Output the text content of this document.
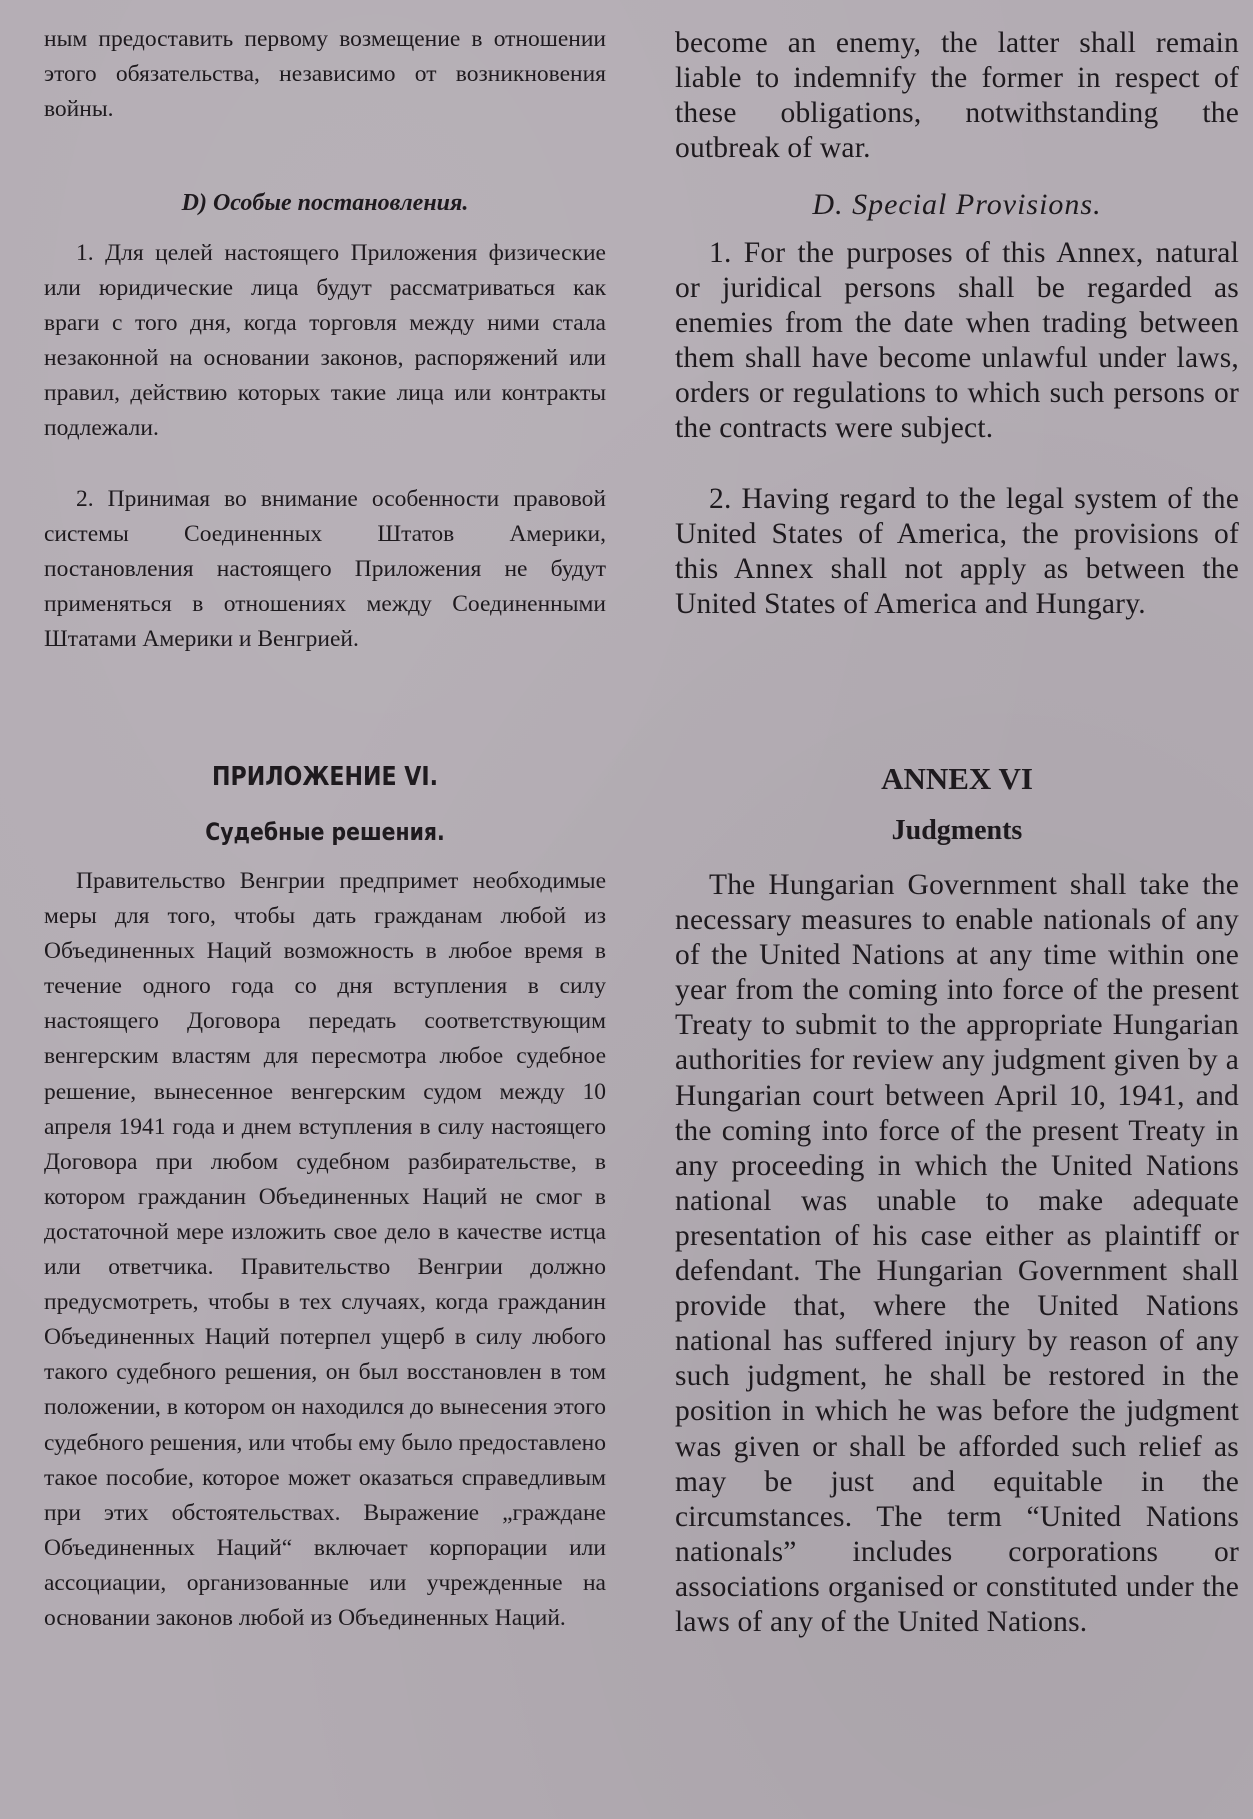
ным предоставить первому возмещение в отношении этого обязательства, независимо от возникновения войны.

D) Особые постановления.

1. Для целей настоящего Приложения физические или юридические лица будут рассматриваться как враги с того дня, когда торговля между ними стала незаконной на основании законов, распоряжений или правил, действию которых такие лица или контракты подлежали.

2. Принимая во внимание особенности правовой системы Соединенных Штатов Америки, постановления настоящего Приложения не будут применяться в отношениях между Соединенными Штатами Америки и Венгрией.

ПРИЛОЖЕНИЕ VI.
Судебные решения.

Правительство Венгрии предпримет необходимые меры для того, чтобы дать гражданам любой из Объединенных Наций возможность в любое время в течение одного года со дня вступления в силу настоящего Договора передать соответствующим венгерским властям для пересмотра любое судебное решение, вынесенное венгерским судом между 10 апреля 1941 года и днем вступления в силу настоящего Договора при любом судебном разбирательстве, в котором гражданин Объединенных Наций не смог в достаточной мере изложить свое дело в качестве истца или ответчика. Правительство Венгрии должно предусмотреть, чтобы в тех случаях, когда гражданин Объединенных Наций потерпел ущерб в силу любого такого судебного решения, он был восстановлен в том положении, в котором он находился до вынесения этого судебного решения, или чтобы ему было предоставлено такое пособие, которое может оказаться справедливым при этих обстоятельствах. Выражение „граждане Объединенных Наций“ включает корпорации или ассоциации, организованные или учрежденные на основании законов любой из Объединенных Наций.

become an enemy, the latter shall remain liable to indemnify the former in respect of these obligations, notwithstanding the outbreak of war.

D. Special Provisions.

1. For the purposes of this Annex, natural or juridical persons shall be regarded as enemies from the date when trading between them shall have become unlawful under laws, orders or regulations to which such persons or the contracts were subject.

2. Having regard to the legal system of the United States of America, the provisions of this Annex shall not apply as between the United States of America and Hungary.

ANNEX VI
Judgments

The Hungarian Government shall take the necessary measures to enable nationals of any of the United Nations at any time within one year from the coming into force of the present Treaty to submit to the appropriate Hungarian authorities for review any judgment given by a Hungarian court between April 10, 1941, and the coming into force of the present Treaty in any proceeding in which the United Nations national was unable to make adequate presentation of his case either as plaintiff or defendant. The Hungarian Government shall provide that, where the United Nations national has suffered injury by reason of any such judgment, he shall be restored in the position in which he was before the judgment was given or shall be afforded such relief as may be just and equitable in the circumstances. The term “United Nations nationals” includes corporations or associations organised or constituted under the laws of any of the United Nations.
